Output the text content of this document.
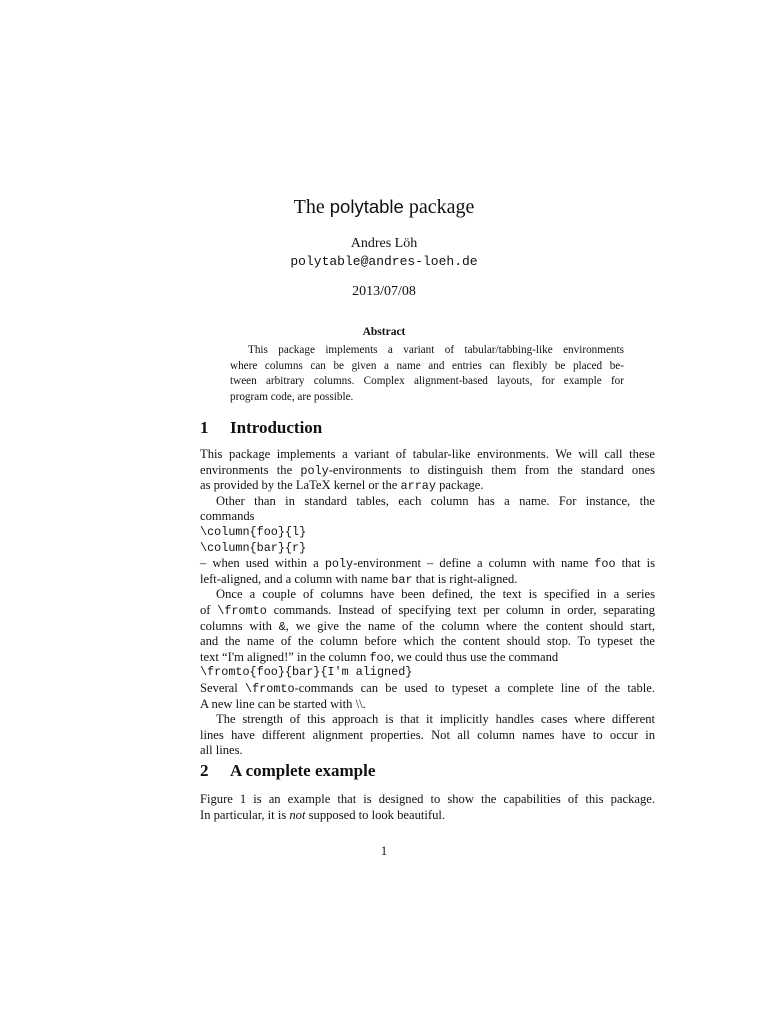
The polytable package
Andres Löh
polytable@andres-loeh.de
2013/07/08
Abstract
This package implements a variant of tabular/tabbing-like environments
where columns can be given a name and entries can flexibly be placed be-
tween arbitrary columns. Complex alignment-based layouts, for example for
program code, are possible.
1 Introduction
This package implements a variant of tabular-like environments. We will call these
environments the poly-environments to distinguish them from the standard ones
as provided by the LaTeX kernel or the array package.
Other than in standard tables, each column has a name. For instance, the
commands
\column{foo}{l}
\column{bar}{r}
– when used within a poly-environment – define a column with name foo that is
left-aligned, and a column with name bar that is right-aligned.
Once a couple of columns have been defined, the text is specified in a series
of \fromto commands. Instead of specifying text per column in order, separating
columns with &, we give the name of the column where the content should start,
and the name of the column before which the content should stop. To typeset the
text “I'm aligned!” in the column foo, we could thus use the command
\fromto{foo}{bar}{I'm aligned}
Several \fromto-commands can be used to typeset a complete line of the table.
A new line can be started with \\.
The strength of this approach is that it implicitly handles cases where different
lines have different alignment properties. Not all column names have to occur in
all lines.
2 A complete example
Figure 1 is an example that is designed to show the capabilities of this package.
In particular, it is not supposed to look beautiful.
1
